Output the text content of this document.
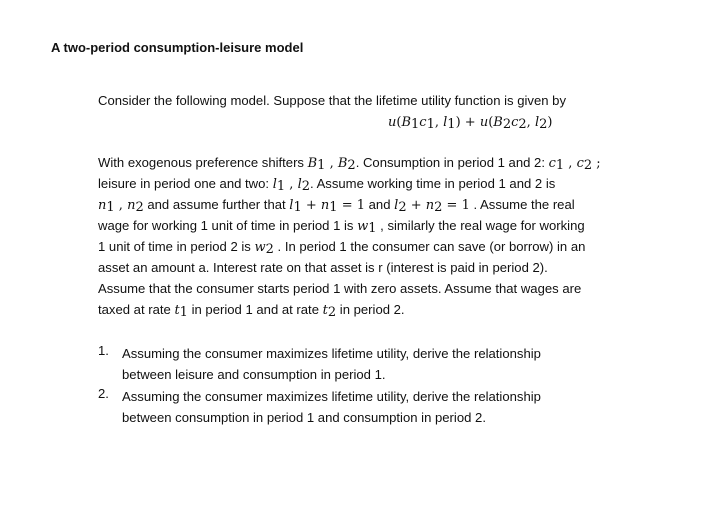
A two-period consumption-leisure model
Consider the following model. Suppose that the lifetime utility function is given by
$u(B_1c_1$, $l_1) + u(B_2c_2$, $l_2$)
With exogenous preference shifters $B_1$ , $B_2$. Consumption in period 1 and 2: $c_1$ , $c_2$ ;
leisure in period one and two: $l_1$ , $l_2$. Assume working time in period 1 and 2 is
$n_1$ , $n_2$ and assume further that $l_1 + n_1 = 1$ and $l_2 + n_2 = 1$ . Assume the real
wage for working 1 unit of time in period 1 is $w_1$ , similarly the real wage for working
1 unit of time in period 2 is $w_2$ . In period 1 the consumer can save (or borrow) in an
asset an amount a. Interest rate on that asset is r (interest is paid in period 2).
Assume that the consumer starts period 1 with zero assets. Assume that wages are
taxed at rate $t_1$ in period 1 and at rate $t_2$ in period 2.
1. Assuming the consumer maximizes lifetime utility, derive the relationship
between leisure and consumption in period 1.
2. Assuming the consumer maximizes lifetime utility, derive the relationship
between consumption in period 1 and consumption in period 2.
